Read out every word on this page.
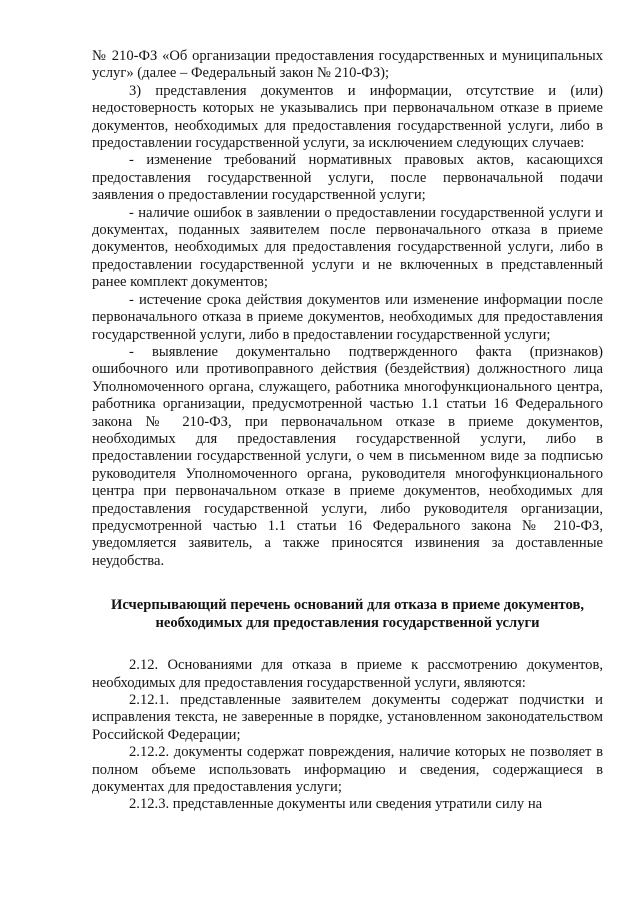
№ 210-ФЗ «Об организации предоставления государственных и муниципальных услуг» (далее – Федеральный закон № 210-ФЗ);

3) представления документов и информации, отсутствие и (или) недостоверность которых не указывались при первоначальном отказе в приеме документов, необходимых для предоставления государственной услуги, либо в предоставлении государственной услуги, за исключением следующих случаев:

- изменение требований нормативных правовых актов, касающихся предоставления государственной услуги, после первоначальной подачи заявления о предоставлении государственной услуги;

- наличие ошибок в заявлении о предоставлении государственной услуги и документах, поданных заявителем после первоначального отказа в приеме документов, необходимых для предоставления государственной услуги, либо в предоставлении государственной услуги и не включенных в представленный ранее комплект документов;

- истечение срока действия документов или изменение информации после первоначального отказа в приеме документов, необходимых для предоставления государственной услуги, либо в предоставлении государственной услуги;

- выявление документально подтвержденного факта (признаков) ошибочного или противоправного действия (бездействия) должностного лица Уполномоченного органа, служащего, работника многофункционального центра, работника организации, предусмотренной частью 1.1 статьи 16 Федерального закона № 210-ФЗ, при первоначальном отказе в приеме документов, необходимых для предоставления государственной услуги, либо в предоставлении государственной услуги, о чем в письменном виде за подписью руководителя Уполномоченного органа, руководителя многофункционального центра при первоначальном отказе в приеме документов, необходимых для предоставления государственной услуги, либо руководителя организации, предусмотренной частью 1.1 статьи 16 Федерального закона № 210-ФЗ, уведомляется заявитель, а также приносятся извинения за доставленные неудобства.

Исчерпывающий перечень оснований для отказа в приеме документов, необходимых для предоставления государственной услуги

2.12. Основаниями для отказа в приеме к рассмотрению документов, необходимых для предоставления государственной услуги, являются:

2.12.1. представленные заявителем документы содержат подчистки и исправления текста, не заверенные в порядке, установленном законодательством Российской Федерации;

2.12.2. документы содержат повреждения, наличие которых не позволяет в полном объеме использовать информацию и сведения, содержащиеся в документах для предоставления услуги;

2.12.3. представленные документы или сведения утратили силу на
